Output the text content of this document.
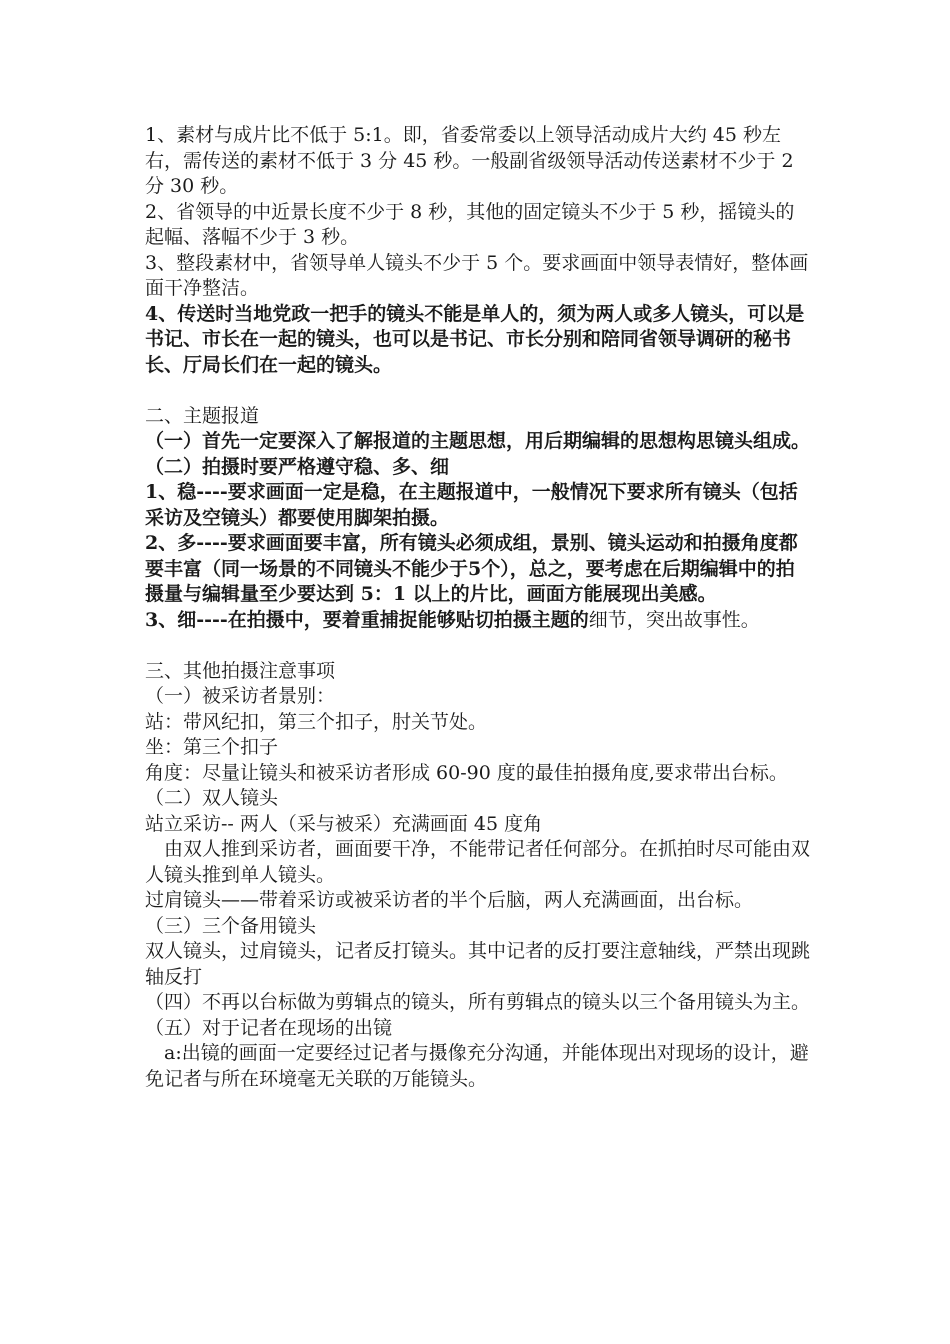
1、素材与成片比不低于 5:1。即，省委常委以上领导活动成片大约 45 秒左右，需传送的素材不低于 3 分 45 秒。一般副省级领导活动传送素材不少于 2 分 30 秒。

2、省领导的中近景长度不少于 8 秒，其他的固定镜头不少于 5 秒，摇镜头的起幅、落幅不少于 3 秒。

3、整段素材中，省领导单人镜头不少于 5 个。要求画面中领导表情好，整体画面干净整洁。

4、传送时当地党政一把手的镜头不能是单人的，须为两人或多人镜头，可以是书记、市长在一起的镜头，也可以是书记、市长分别和陪同省领导调研的秘书长、厅局长们在一起的镜头。

二、主题报道

（一）首先一定要深入了解报道的主题思想，用后期编辑的思想构思镜头组成。

（二）拍摄时要严格遵守稳、多、细

1、稳----要求画面一定是稳，在主题报道中，一般情况下要求所有镜头（包括采访及空镜头）都要使用脚架拍摄。

2、多----要求画面要丰富，所有镜头必须成组，景别、镜头运动和拍摄角度都要丰富（同一场景的不同镜头不能少于5个），总之，要考虑在后期编辑中的拍摄量与编辑量至少要达到 5：1 以上的片比，画面方能展现出美感。

3、细----在拍摄中，要着重捕捉能够贴切拍摄主题的细节，突出故事性。

三、其他拍摄注意事项

（一）被采访者景别：

站：带风纪扣，第三个扣子，肘关节处。

坐：第三个扣子

角度：尽量让镜头和被采访者形成 60-90 度的最佳拍摄角度,要求带出台标。

（二）双人镜头

站立采访-- 两人（采与被采）充满画面 45 度角

由双人推到采访者，画面要干净，不能带记者任何部分。在抓拍时尽可能由双人镜头推到单人镜头。

过肩镜头——带着采访或被采访者的半个后脑，两人充满画面，出台标。

（三）三个备用镜头

双人镜头，过肩镜头，记者反打镜头。其中记者的反打要注意轴线，严禁出现跳轴反打

（四）不再以台标做为剪辑点的镜头，所有剪辑点的镜头以三个备用镜头为主。

（五）对于记者在现场的出镜

a:出镜的画面一定要经过记者与摄像充分沟通，并能体现出对现场的设计，避免记者与所在环境毫无关联的万能镜头。
